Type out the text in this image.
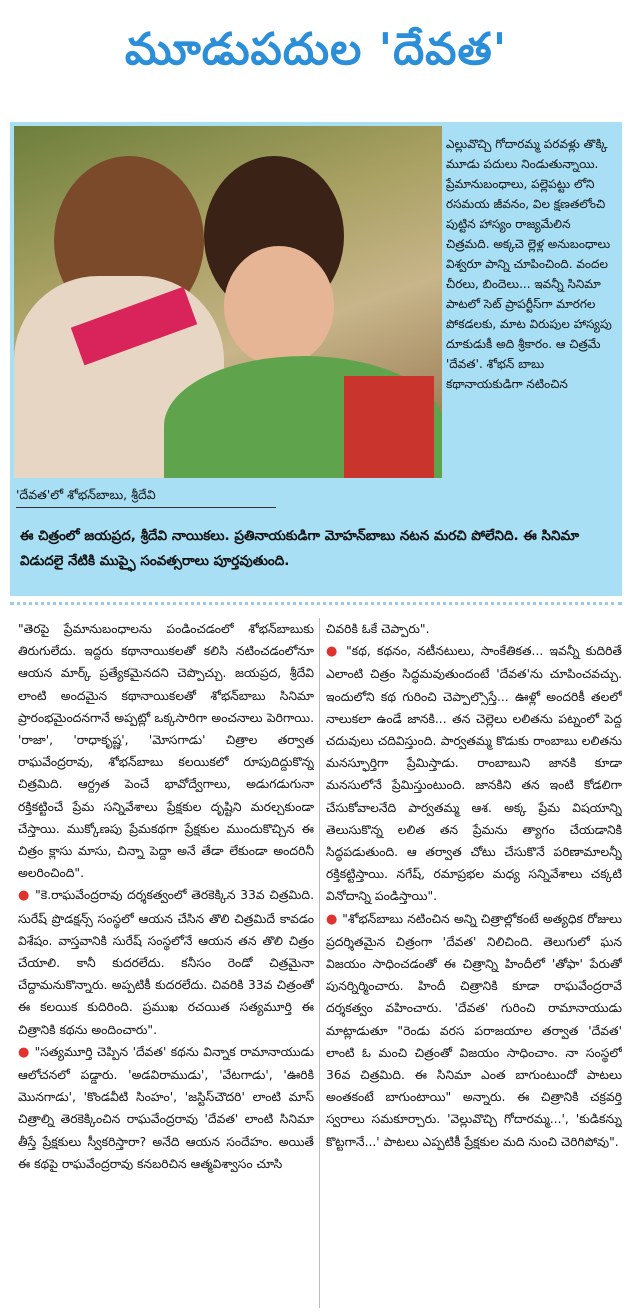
మూడుపదుల 'దేవత'
'దేవత'లో శోభన్‌బాబు, శ్రీదేవి
ఎల్లువొచ్చి గోదారమ్మ పరవళ్లు తొక్కి మూడు పదులు నిండుతున్నాయి. ప్రేమానుబంధాలు, పల్లెపట్టు లోని రసమయ జీవనం, విల క్షణతలోంచి పుట్టిన హాస్యం రాజ్యమేలిన చిత్రమది. అక్కచె ల్లెళ్ల అనుబంధాలు విశ్వరూ పాన్ని చూపించింది. వందల చీరలు, బిందెలు... ఇవన్నీ సినిమా పాటలో సెట్ ప్రాపర్టీస్‌గా మారగల పోకడలకు, మాట విరుపుల హాస్యపు దూకుడుకీ అది శ్రీకారం. ఆ చిత్రమే 'దేవత'. శోభన్ బాబు కథానాయకుడిగా నటించిన
ఈ చిత్రంలో జయప్రద, శ్రీదేవి నాయికలు. ప్రతినాయకుడిగా మోహన్‌బాబు నటన మరచి పోలేనిది. ఈ సినిమా విడుదలై నేటికి ముప్ఫై సంవత్సరాలు పూర్తవుతుంది.

"తెరపై ప్రేమానుబంధాలను పండించడంలో శోభన్‌బాబుకు తిరుగులేదు. ఇద్దరు కథానాయికలతో కలిసి నటించడంలోనూ ఆయన మార్క్ ప్రత్యేకమైనదని చెప్పొచ్చు. జయప్రద, శ్రీదేవి లాంటి అందమైన కథానాయికలతో శోభన్‌బాబు సినిమా ప్రారంభమైందనగానే అప్పట్లో ఒక్కసారిగా అంచనాలు పెరిగాయి. 'రాజా', 'రాధాకృష్ణ', 'మోసగాడు' చిత్రాల తర్వాత రాఘవేంద్రరావు, శోభన్‌బాబు కలయికలో రూపుదిద్దుకొన్న చిత్రమిది. ఆర్ద్రత పెంచే భావోద్వేగాలు, అడుగడుగునా రక్తికట్టించే ప్రేమ సన్నివేశాలు ప్రేక్షకుల దృష్టిని మరల్చకుండా చేస్తాయి. ముక్కోణపు ప్రేమకథగా ప్రేక్షకుల ముందుకొచ్చిన ఈ చిత్రం క్లాసు మాసు, చిన్నా పెద్దా అనే తేడా లేకుండా అందరినీ అలరించింది".

● "కె.రాఘవేంద్రరావు దర్శకత్వంలో తెరకెక్కిన 33వ చిత్రమిది. సురేష్ ప్రొడక్షన్స్ సంస్థలో ఆయన చేసిన తొలి చిత్రమిదే కావడం విశేషం. వాస్తవానికి సురేష్ సంస్థలోనే ఆయన తన తొలి చిత్రం చేయాలి. కానీ కుదరలేదు. కనీసం రెండో చిత్రమైనా చేద్దామనుకొన్నారు. అప్పటికీ కుదరలేదు. చివరికి 33వ చిత్రంతో ఈ కలయిక కుదిరింది. ప్రముఖ రచయిత సత్యమూర్తి ఈ చిత్రానికి కథను అందించారు".

● "సత్యమూర్తి చెప్పిన 'దేవత' కథను విన్నాక రామానాయుడు ఆలోచనలో పడ్డారు. 'అడవిరాముడు', 'వేటగాడు', 'ఊరికి మొనగాడు', 'కొండవీటి సింహం', 'జస్టిస్‌చౌదరి' లాంటి మాస్ చిత్రాల్ని తెరకెక్కించిన రాఘవేంద్రరావు 'దేవత' లాంటి సినిమా తీస్తే ప్రేక్షకులు స్వీకరిస్తారా? అనేది ఆయన సందేహం. అయితే ఈ కథపై రాఘవేంద్రరావు కనబరిచిన ఆత్మవిశ్వాసం చూసి

చివరికి ఓకే చెప్పారు".

● "కథ, కథనం, నటీనటులు, సాంకేతికత... ఇవన్నీ కుదిరితే ఎలాంటి చిత్రం సిద్ధమవుతుందంటే 'దేవత'ను చూపించవచ్చు. ఇందులోని కథ గురించి చెప్పాల్సొస్తే... ఊళ్లో అందరికీ తలలో నాలుకలా ఉండే జానకి... తన చెల్లెలు లలితను పట్నంలో పెద్ద చదువులు చదివిస్తుంది. పార్వతమ్మ కొడుకు రాంబాబు లలితను మనస్ఫూర్తిగా ప్రేమిస్తాడు. రాంబాబుని జానకి కూడా మనసులోనే ప్రేమిస్తుంటుంది. జానకిని తన ఇంటి కోడలిగా చేసుకోవాలనేది పార్వతమ్మ ఆశ. అక్క ప్రేమ విషయాన్ని తెలుసుకొన్న లలిత తన ప్రేమను త్యాగం చేయడానికి సిద్ధపడుతుంది. ఆ తర్వాత చోటు చేసుకొనే పరిణామాలన్నీ రక్తికట్టిస్తాయి. నగేష్, రమాప్రభల మధ్య సన్నివేశాలు చక్కటి వినోదాన్ని పండిస్తాయి".

● "శోభన్‌బాబు నటించిన అన్ని చిత్రాల్లోకంటే అత్యధిక రోజులు ప్రదర్శితమైన చిత్రంగా 'దేవత' నిలిచింది. తెలుగులో ఘన విజయం సాధించడంతో ఈ చిత్రాన్ని హిందీలో 'తోఫా' పేరుతో పునర్నిర్మించారు. హిందీ చిత్రానికి కూడా రాఘవేంద్రరావే దర్శకత్వం వహించారు. 'దేవత' గురించి రామానాయుడు మాట్లాడుతూ "రెండు వరస పరాజయాల తర్వాత 'దేవత' లాంటి ఓ మంచి చిత్రంతో విజయం సాధించాం. నా సంస్థలో 36వ చిత్రమిది. ఈ సినిమా ఎంత బాగుంటుందో పాటలు అంతకంటే బాగుంటాయి" అన్నారు. ఈ చిత్రానికి చక్రవర్తి స్వరాలు సమకూర్చారు. 'వెల్లువొచ్చి గోదారమ్మ...', 'కుడికన్ను కొట్టగానే...' పాటలు ఎప్పటికీ ప్రేక్షకుల మది నుంచి చెరిగిపోవు".
